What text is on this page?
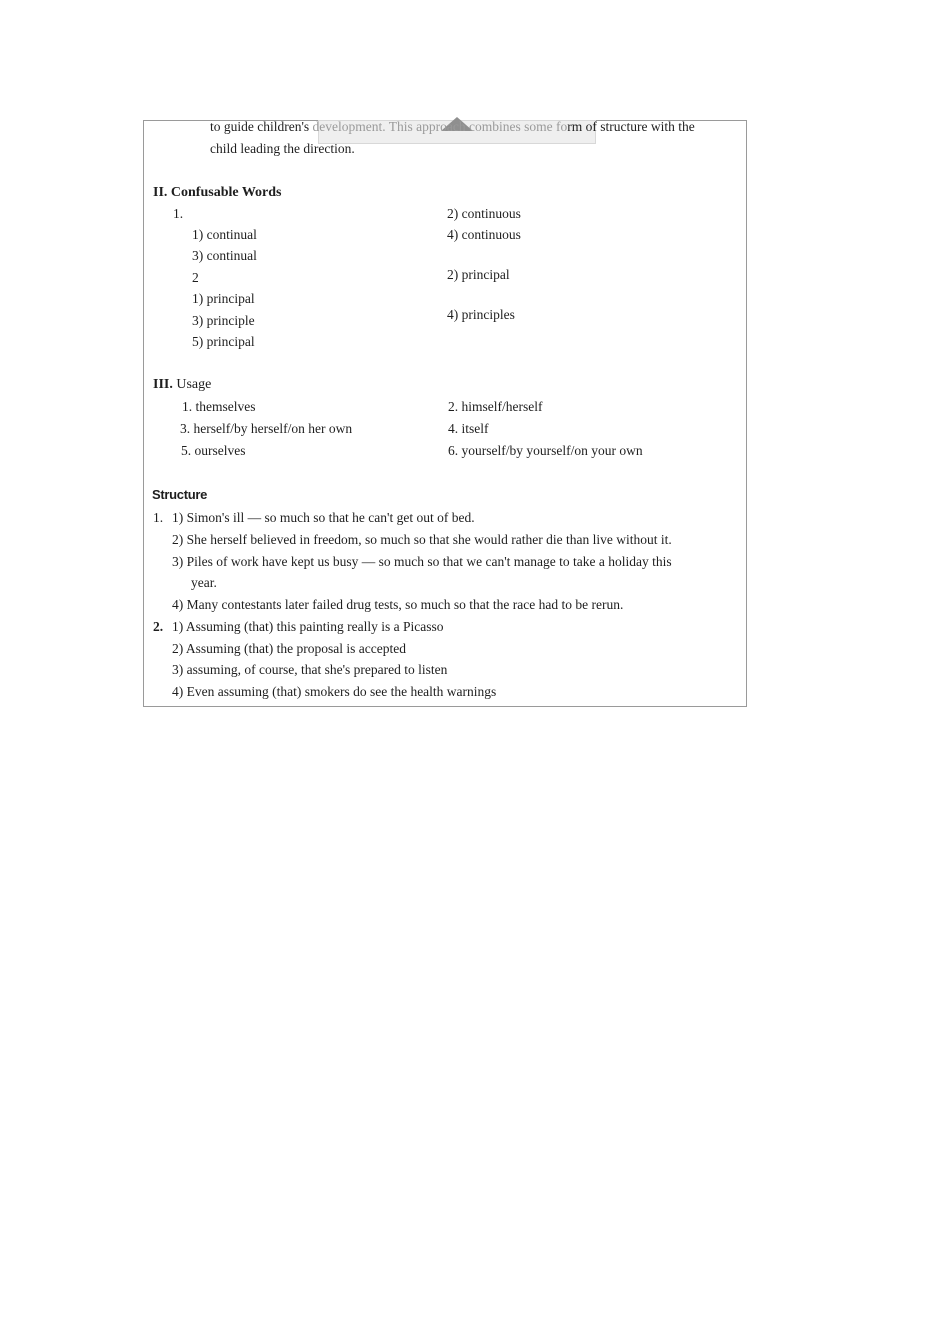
to guide children's development. This approach combines some form of structure with the
child leading the direction.
II. Confusable Words
1.
1) continual
3) continual
2) continuous
4) continuous
2
1) principal
3) principle
5) principal
2) principal
4) principles
III. Usage
1. themselves
3. herself/by herself/on her own
5. ourselves
2. himself/herself
4. itself
6. yourself/by yourself/on your own
Structure
1. 1) Simon's ill — so much so that he can't get out of bed.
2) She herself believed in freedom, so much so that she would rather die than live without it.
3) Piles of work have kept us busy — so much so that we can't manage to take a holiday this
year.
4) Many contestants later failed drug tests, so much so that the race had to be rerun.
2. 1) Assuming (that) this painting really is a Picasso
2) Assuming (that) the proposal is accepted
3) assuming, of course, that she's prepared to listen
4) Even assuming (that) smokers do see the health warnings
